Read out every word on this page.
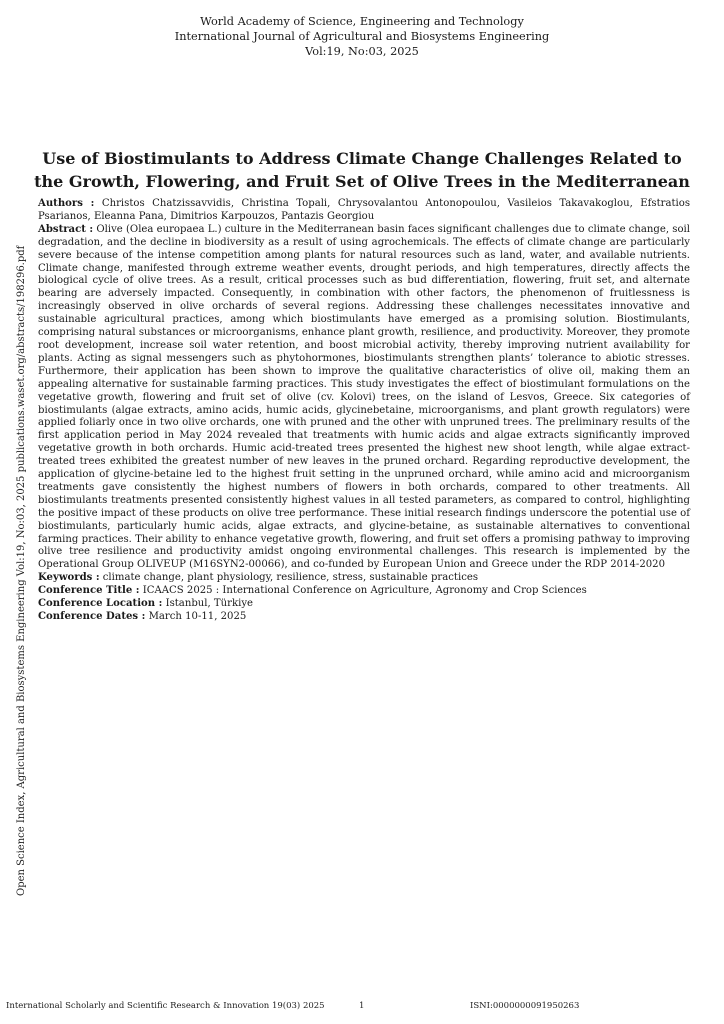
World Academy of Science, Engineering and Technology
International Journal of Agricultural and Biosystems Engineering
Vol:19, No:03, 2025
Use of Biostimulants to Address Climate Change Challenges Related to the Growth, Flowering, and Fruit Set of Olive Trees in the Mediterranean

Authors : Christos Chatzissavvidis, Christina Topali, Chrysovalantou Antonopoulou, Vasileios Takavakoglou, Efstratios Psarianos, Eleanna Pana, Dimitrios Karpouzos, Pantazis Georgiou

Abstract : Olive (Olea europaea L.) culture in the Mediterranean basin faces significant challenges due to climate change, soil degradation, and the decline in biodiversity as a result of using agrochemicals. The effects of climate change are particularly severe because of the intense competition among plants for natural resources such as land, water, and available nutrients. Climate change, manifested through extreme weather events, drought periods, and high temperatures, directly affects the biological cycle of olive trees. As a result, critical processes such as bud differentiation, flowering, fruit set, and alternate bearing are adversely impacted. Consequently, in combination with other factors, the phenomenon of fruitlessness is increasingly observed in olive orchards of several regions. Addressing these challenges necessitates innovative and sustainable agricultural practices, among which biostimulants have emerged as a promising solution. Biostimulants, comprising natural substances or microorganisms, enhance plant growth, resilience, and productivity. Moreover, they promote root development, increase soil water retention, and boost microbial activity, thereby improving nutrient availability for plants. Acting as signal messengers such as phytohormones, biostimulants strengthen plants’ tolerance to abiotic stresses. Furthermore, their application has been shown to improve the qualitative characteristics of olive oil, making them an appealing alternative for sustainable farming practices. This study investigates the effect of biostimulant formulations on the vegetative growth, flowering and fruit set of olive (cv. Kolovi) trees, on the island of Lesvos, Greece. Six categories of biostimulants (algae extracts, amino acids, humic acids, glycinebetaine, microorganisms, and plant growth regulators) were applied foliarly once in two olive orchards, one with pruned and the other with unpruned trees. The preliminary results of the first application period in May 2024 revealed that treatments with humic acids and algae extracts significantly improved vegetative growth in both orchards. Humic acid-treated trees presented the highest new shoot length, while algae extract-treated trees exhibited the greatest number of new leaves in the pruned orchard. Regarding reproductive development, the application of glycine-betaine led to the highest fruit setting in the unpruned orchard, while amino acid and microorganism treatments gave consistently the highest numbers of flowers in both orchards, compared to other treatments. All biostimulants treatments presented consistently highest values in all tested parameters, as compared to control, highlighting the positive impact of these products on olive tree performance. These initial research findings underscore the potential use of biostimulants, particularly humic acids, algae extracts, and glycine-betaine, as sustainable alternatives to conventional farming practices. Their ability to enhance vegetative growth, flowering, and fruit set offers a promising pathway to improving olive tree resilience and productivity amidst ongoing environmental challenges. This research is implemented by the Operational Group OLIVEUP (M16SYN2-00066), and co-funded by European Union and Greece under the RDP 2014-2020

Keywords : climate change, plant physiology, resilience, stress, sustainable practices

Conference Title : ICAACS 2025 : International Conference on Agriculture, Agronomy and Crop Sciences

Conference Location : Istanbul, Türkiye

Conference Dates : March 10-11, 2025

Open Science Index, Agricultural and Biosystems Engineering Vol:19, No:03, 2025 publications.waset.org/abstracts/198296.pdf
International Scholarly and Scientific Research & Innovation 19(03) 2025	1	ISNI:0000000091950263
